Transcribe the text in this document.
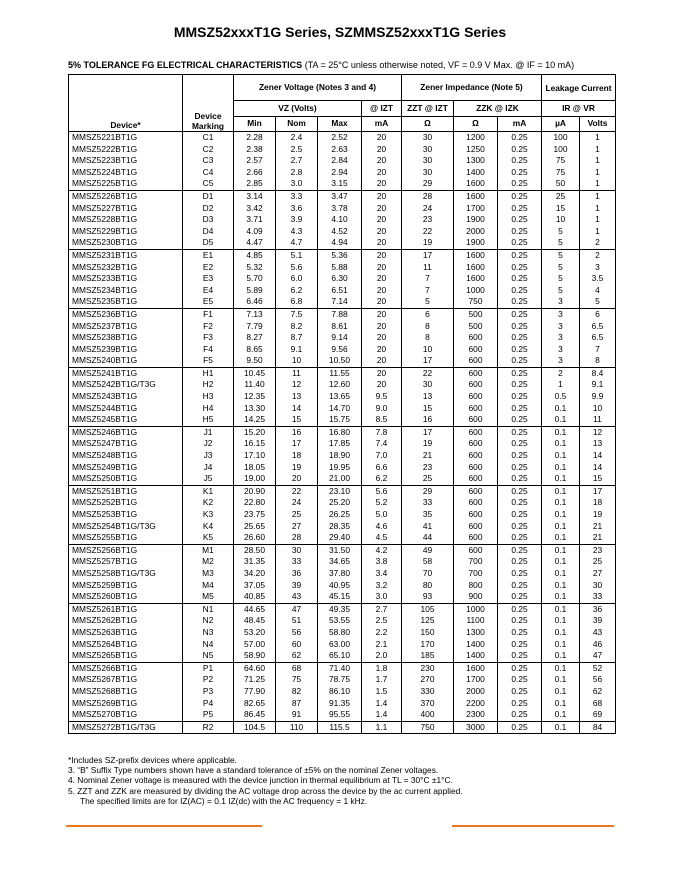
MMSZ52xxxT1G Series, SZMMSZ52xxxT1G Series
5% TOLERANCE FG ELECTRICAL CHARACTERISTICS (TA = 25°C unless otherwise noted, VF = 0.9 V Max. @ IF = 10 mA)
Device*	Device Marking	Zener Voltage (Notes 3 and 4)				Zener Impedance (Note 5)			Leakage Current	
		VZ (Volts)			@ IZT	ZZT @ IZT	ZZK @ IZK		IR @ VR	
		Min	Nom	Max	mA	Ω	Ω	mA	µA	Volts
MMSZ5221BT1G	C1	2.28	2.4	2.52	20	30	1200	0.25	100	1
MMSZ5222BT1G	C2	2.38	2.5	2.63	20	30	1250	0.25	100	1
MMSZ5223BT1G	C3	2.57	2.7	2.84	20	30	1300	0.25	75	1
MMSZ5224BT1G	C4	2.66	2.8	2.94	20	30	1400	0.25	75	1
MMSZ5225BT1G	C5	2.85	3.0	3.15	20	29	1600	0.25	50	1
MMSZ5226BT1G	D1	3.14	3.3	3.47	20	28	1600	0.25	25	1
MMSZ5227BT1G	D2	3.42	3.6	3.78	20	24	1700	0.25	15	1
MMSZ5228BT1G	D3	3.71	3.9	4.10	20	23	1900	0.25	10	1
MMSZ5229BT1G	D4	4.09	4.3	4.52	20	22	2000	0.25	5	1
MMSZ5230BT1G	D5	4.47	4.7	4.94	20	19	1900	0.25	5	2
MMSZ5231BT1G	E1	4.85	5.1	5.36	20	17	1600	0.25	5	2
MMSZ5232BT1G	E2	5.32	5.6	5.88	20	11	1600	0.25	5	3
MMSZ5233BT1G	E3	5.70	6.0	6.30	20	7	1600	0.25	5	3.5
MMSZ5234BT1G	E4	5.89	6.2	6.51	20	7	1000	0.25	5	4
MMSZ5235BT1G	E5	6.46	6.8	7.14	20	5	750	0.25	3	5
MMSZ5236BT1G	F1	7.13	7.5	7.88	20	6	500	0.25	3	6
MMSZ5237BT1G	F2	7.79	8.2	8.61	20	8	500	0.25	3	6.5
MMSZ5238BT1G	F3	8.27	8.7	9.14	20	8	600	0.25	3	6.5
MMSZ5239BT1G	F4	8.65	9.1	9.56	20	10	600	0.25	3	7
MMSZ5240BT1G	F5	9.50	10	10.50	20	17	600	0.25	3	8
MMSZ5241BT1G	H1	10.45	11	11.55	20	22	600	0.25	2	8.4
MMSZ5242BT1G/T3G	H2	11.40	12	12.60	20	30	600	0.25	1	9.1
MMSZ5243BT1G	H3	12.35	13	13.65	9.5	13	600	0.25	0.5	9.9
MMSZ5244BT1G	H4	13.30	14	14.70	9.0	15	600	0.25	0.1	10
MMSZ5245BT1G	H5	14.25	15	15.75	8.5	16	600	0.25	0.1	11
MMSZ5246BT1G	J1	15.20	16	16.80	7.8	17	600	0.25	0.1	12
MMSZ5247BT1G	J2	16.15	17	17.85	7.4	19	600	0.25	0.1	13
MMSZ5248BT1G	J3	17.10	18	18.90	7.0	21	600	0.25	0.1	14
MMSZ5249BT1G	J4	18.05	19	19.95	6.6	23	600	0.25	0.1	14
MMSZ5250BT1G	J5	19.00	20	21.00	6.2	25	600	0.25	0.1	15
MMSZ5251BT1G	K1	20.90	22	23.10	5.6	29	600	0.25	0.1	17
MMSZ5252BT1G	K2	22.80	24	25.20	5.2	33	600	0.25	0.1	18
MMSZ5253BT1G	K3	23.75	25	26.25	5.0	35	600	0.25	0.1	19
MMSZ5254BT1G/T3G	K4	25.65	27	28.35	4.6	41	600	0.25	0.1	21
MMSZ5255BT1G	K5	26.60	28	29.40	4.5	44	600	0.25	0.1	21
MMSZ5256BT1G	M1	28.50	30	31.50	4.2	49	600	0.25	0.1	23
MMSZ5257BT1G	M2	31.35	33	34.65	3.8	58	700	0.25	0.1	25
MMSZ5258BT1G/T3G	M3	34.20	36	37.80	3.4	70	700	0.25	0.1	27
MMSZ5259BT1G	M4	37.05	39	40.95	3.2	80	800	0.25	0.1	30
MMSZ5260BT1G	M5	40.85	43	45.15	3.0	93	900	0.25	0.1	33
MMSZ5261BT1G	N1	44.65	47	49.35	2.7	105	1000	0.25	0.1	36
MMSZ5262BT1G	N2	48.45	51	53.55	2.5	125	1100	0.25	0.1	39
MMSZ5263BT1G	N3	53.20	56	58.80	2.2	150	1300	0.25	0.1	43
MMSZ5264BT1G	N4	57.00	60	63.00	2.1	170	1400	0.25	0.1	46
MMSZ5265BT1G	N5	58.90	62	65.10	2.0	185	1400	0.25	0.1	47
MMSZ5266BT1G	P1	64.60	68	71.40	1.8	230	1600	0.25	0.1	52
MMSZ5267BT1G	P2	71.25	75	78.75	1.7	270	1700	0.25	0.1	56
MMSZ5268BT1G	P3	77.90	82	86.10	1.5	330	2000	0.25	0.1	62
MMSZ5269BT1G	P4	82.65	87	91.35	1.4	370	2200	0.25	0.1	68
MMSZ5270BT1G	P5	86.45	91	95.55	1.4	400	2300	0.25	0.1	69
MMSZ5272BT1G/T3G	R2	104.5	110	115.5	1.1	750	3000	0.25	0.1	84
*Includes SZ-prefix devices where applicable.
3. “B” Suffix Type numbers shown have a standard tolerance of ±5% on the nominal Zener voltages.
4. Nominal Zener voltage is measured with the device junction in thermal equilibrium at TL = 30°C ±1°C.
5. ZZT and ZZK are measured by dividing the AC voltage drop across the device by the ac current applied.
The specified limits are for IZ(AC) = 0.1 IZ(dc) with the AC frequency = 1 kHz.
